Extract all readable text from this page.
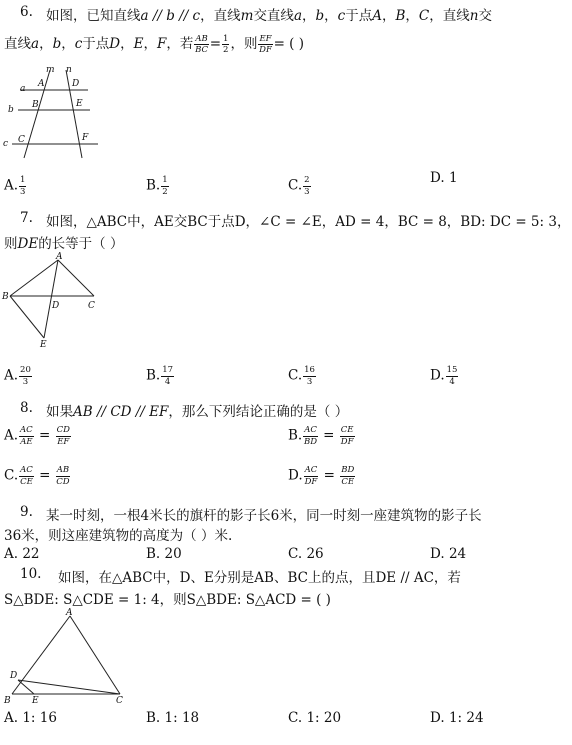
6. 如图，已知直线a // b // c，直线m交直线a，b，c于点A，B，C，直线n交
直线a，b，c于点D，E，F，若 $\frac{AB}{BC} = \frac{1}{2}$ ，则 $\frac{EF}{DF}$ = ( )
m n
a
b
c
A
B
C
D
E
F
A. $\frac{1}{3}$	B. $\frac{1}{2}$	C. $\frac{2}{3}$	D. 1
7. 如图，△ABC中，AE交BC于点D，∠C = ∠E，AD = 4，BC = 8，BD: DC = 5: 3，
则DE的长等于（ ）
A
B
C
D
E
A. $\frac{20}{3}$	B. $\frac{17}{4}$	C. $\frac{16}{3}$	D. $\frac{15}{4}$
8. 如果AB // CD // EF，那么下列结论正确的是（ ）
A. $\frac{AC}{AE} = \frac{CD}{EF}$	B. $\frac{AC}{BD} = \frac{CE}{DF}$
C. $\frac{AC}{CE} = \frac{AB}{CD}$	D. $\frac{AC}{DF} = \frac{BD}{CE}$
9. 某一时刻，一根4米长的旗杆的影子长6米，同一时刻一座建筑物的影子长
36米，则这座建筑物的高度为（ ）米.
A. 22	B. 20	C. 26	D. 24
10. 如图，在△ABC中，D、E分别是AB、BC上的点，且DE // AC，若
S△BDE: S△CDE = 1: 4，则S△BDE: S△ACD = ( )
A
B	C
D
E
A. 1: 16	B. 1: 18	C. 1: 20	D. 1: 24
